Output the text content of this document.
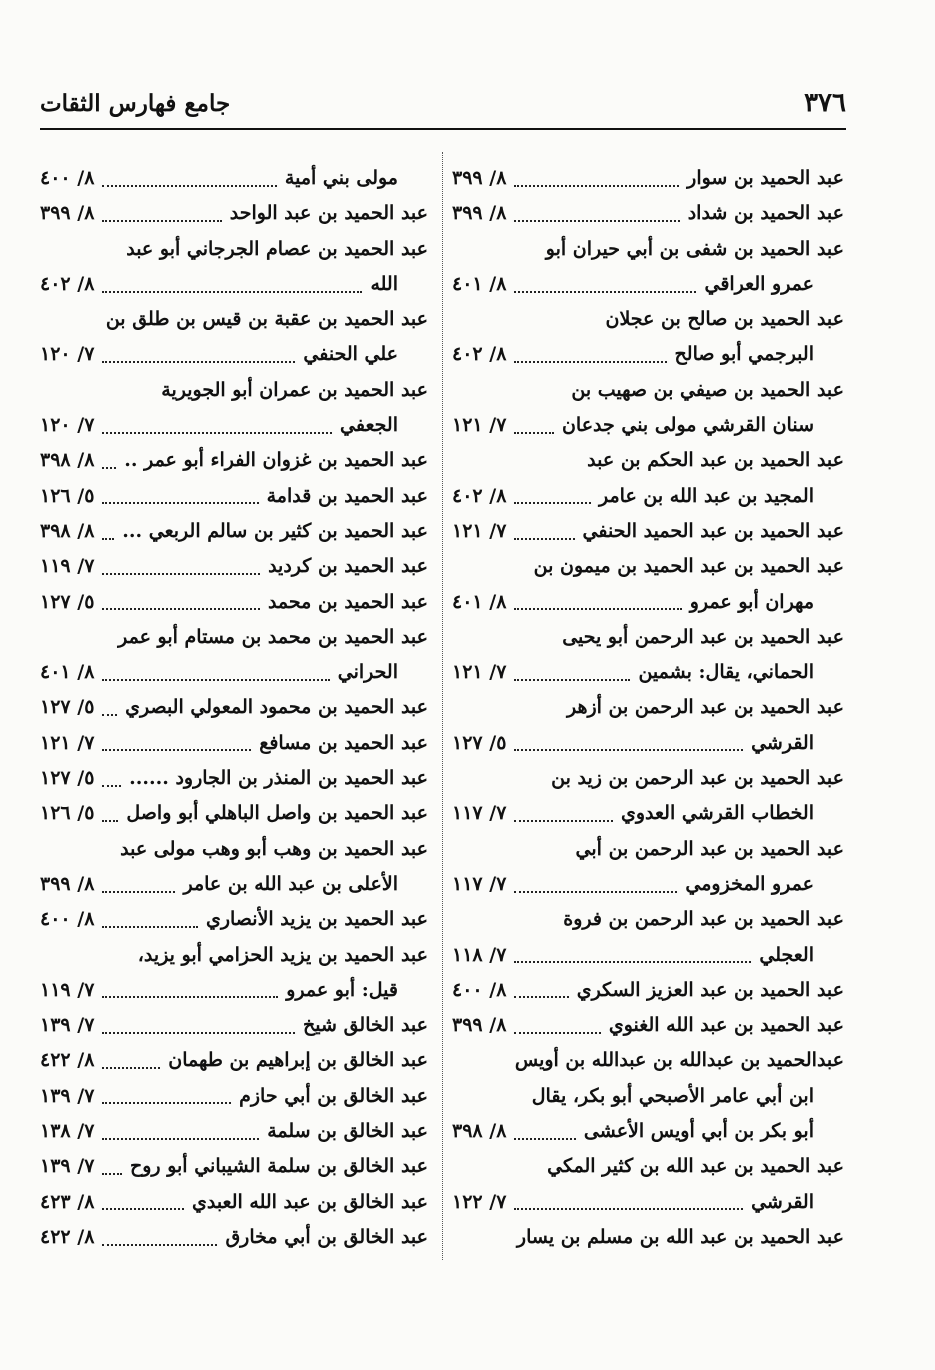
٣٧٦
جامع فهارس الثقات
عبد الحميد بن سوار
٨/ ٣٩٩
عبد الحميد بن شداد
٨/ ٣٩٩
عبد الحميد بن شفى بن أبي حيران أبو
عمرو العراقي
٨/ ٤٠١
عبد الحميد بن صالح بن عجلان
البرجمي أبو صالح
٨/ ٤٠٢
عبد الحميد بن صيفي بن صهيب بن
سنان القرشي مولى بني جدعان
٧/ ١٢١
عبد الحميد بن عبد الحكم بن عبد
المجيد بن عبد الله بن عامر
٨/ ٤٠٢
عبد الحميد بن عبد الحميد الحنفي
٧/ ١٢١
عبد الحميد بن عبد الحميد بن ميمون بن
مهران أبو عمرو
٨/ ٤٠١
عبد الحميد بن عبد الرحمن أبو يحيى
الحماني، يقال: بشمين
٧/ ١٢١
عبد الحميد بن عبد الرحمن بن أزهر
القرشي
٥/ ١٢٧
عبد الحميد بن عبد الرحمن بن زيد بن
الخطاب القرشي العدوي
٧/ ١١٧
عبد الحميد بن عبد الرحمن بن أبي
عمرو المخزومي
٧/ ١١٧
عبد الحميد بن عبد الرحمن بن فروة
العجلي
٧/ ١١٨
عبد الحميد بن عبد العزيز السكري
٨/ ٤٠٠
عبد الحميد بن عبد الله الغنوي
٨/ ٣٩٩
عبدالحميد بن عبدالله بن عبدالله بن أويس
ابن أبي عامر الأصبحي أبو بكر، يقال
أبو بكر بن أبي أويس الأعشى
٨/ ٣٩٨
عبد الحميد بن عبد الله بن كثير المكي
القرشي
٧/ ١٢٢
عبد الحميد بن عبد الله بن مسلم بن يسار
مولى بني أمية
٨/ ٤٠٠
عبد الحميد بن عبد الواحد
٨/ ٣٩٩
عبد الحميد بن عصام الجرجاني أبو عبد
الله
٨/ ٤٠٢
عبد الحميد بن عقبة بن قيس بن طلق بن
علي الحنفي
٧/ ١٢٠
عبد الحميد بن عمران أبو الجويرية
الجعفي
٧/ ١٢٠
عبد الحميد بن غزوان الفراء أبو عمر ..
٨/ ٣٩٨
عبد الحميد بن قدامة
٥/ ١٢٦
عبد الحميد بن كثير بن سالم الربعي ...
٨/ ٣٩٨
عبد الحميد بن كرديد
٧/ ١١٩
عبد الحميد بن محمد
٥/ ١٢٧
عبد الحميد بن محمد بن مستام أبو عمر
الحراني
٨/ ٤٠١
عبد الحميد بن محمود المعولي البصري
٥/ ١٢٧
عبد الحميد بن مسافع
٧/ ١٢١
عبد الحميد بن المنذر بن الجارود ......
٥/ ١٢٧
عبد الحميد بن واصل الباهلي أبو واصل
٥/ ١٢٦
عبد الحميد بن وهب أبو وهب مولى عبد
الأعلى بن عبد الله بن عامر
٨/ ٣٩٩
عبد الحميد بن يزيد الأنصاري
٨/ ٤٠٠
عبد الحميد بن يزيد الحزامي أبو يزيد،
قيل: أبو عمرو
٧/ ١١٩
عبد الخالق شيخ
٧/ ١٣٩
عبد الخالق بن إبراهيم بن طهمان
٨/ ٤٢٢
عبد الخالق بن أبي حازم
٧/ ١٣٩
عبد الخالق بن سلمة
٧/ ١٣٨
عبد الخالق بن سلمة الشيباني أبو روح
٧/ ١٣٩
عبد الخالق بن عبد الله العبدي
٨/ ٤٢٣
عبد الخالق بن أبي مخارق
٨/ ٤٢٢
